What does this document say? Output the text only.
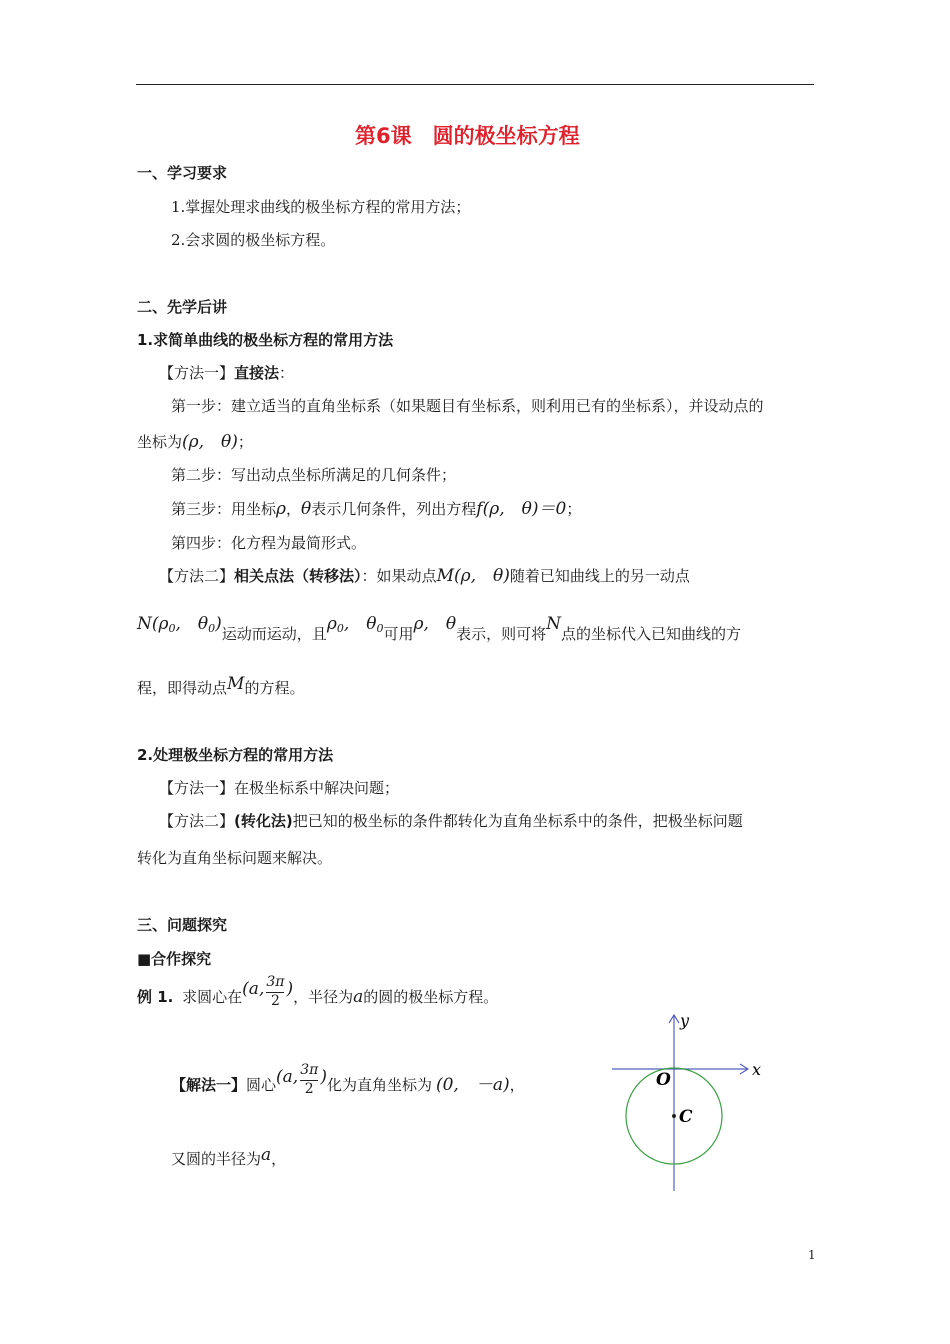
第6课　圆的极坐标方程
一、学习要求
1.掌握处理求曲线的极坐标方程的常用方法；
2.会求圆的极坐标方程。
二、先学后讲
1.求简单曲线的极坐标方程的常用方法
【方法一】直接法：
第一步：建立适当的直角坐标系（如果题目有坐标系，则利用已有的坐标系），并设动点的
坐标为(ρ,　θ)；
第二步：写出动点坐标所满足的几何条件；
第三步：用坐标ρ，θ表示几何条件，列出方程f(ρ,　θ)＝0；
第四步：化方程为最简形式。
【方法二】相关点法（转移法）：如果动点M(ρ,　θ)随着已知曲线上的另一动点
$N(\rho_0$,　$\theta_0$)运动而运动，且$\rho_0$,　$\theta_0$可用ρ,　θ表示，则可将N点的坐标代入已知曲线的方
程，即得动点M的方程。
2.处理极坐标方程的常用方法
【方法一】在极坐标系中解决问题；
【方法二】(转化法)把已知的极坐标的条件都转化为直角坐标系中的条件，把极坐标问题
转化为直角坐标问题来解决。
三、问题探究
■合作探究
例 1. 求圆心在(a, $\frac{3\pi}{2}$ )，半径为a的圆的极坐标方程。
【解法一】圆心(a, $\frac{3\pi}{2}$ )化为直角坐标为 (0,　－a)，
又圆的半径为a，
x
y
O
C
1
